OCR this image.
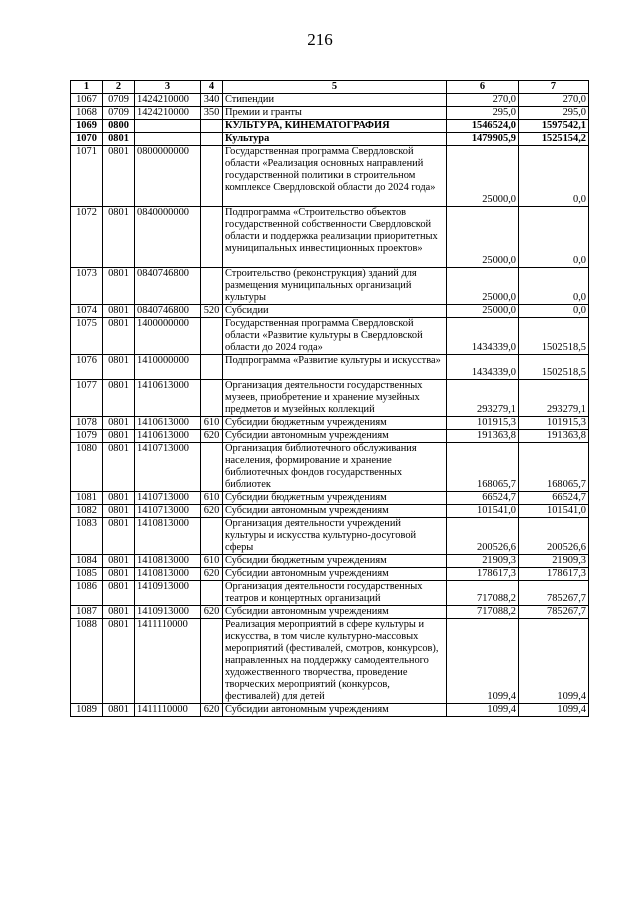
216
1	2	3	4	5	6	7
1067	0709	1424210000	340	Стипендии	270,0	270,0
1068	0709	1424210000	350	Премии и гранты	295,0	295,0
1069	0800			КУЛЬТУРА, КИНЕМАТОГРАФИЯ	1546524,0	1597542,1
1070	0801			Культура	1479905,9	1525154,2
1071	0801	0800000000		Государственная программа Свердловской области «Реализация основных направлений государственной политики в строительном комплексе Свердловской области до 2024 года»	25000,0	0,0
1072	0801	0840000000		Подпрограмма «Строительство объектов государственной собственности Свердловской области и поддержка реализации приоритетных муниципальных инвестиционных проектов»	25000,0	0,0
1073	0801	0840746800		Строительство (реконструкция) зданий для размещения муниципальных организаций культуры	25000,0	0,0
1074	0801	0840746800	520	Субсидии	25000,0	0,0
1075	0801	1400000000		Государственная программа Свердловской области «Развитие культуры в Свердловской области до 2024 года»	1434339,0	1502518,5
1076	0801	1410000000		Подпрограмма «Развитие культуры и искусства»	1434339,0	1502518,5
1077	0801	1410613000		Организация деятельности государственных музеев, приобретение и хранение музейных предметов и музейных коллекций	293279,1	293279,1
1078	0801	1410613000	610	Субсидии бюджетным учреждениям	101915,3	101915,3
1079	0801	1410613000	620	Субсидии автономным учреждениям	191363,8	191363,8
1080	0801	1410713000		Организация библиотечного обслуживания населения, формирование и хранение библиотечных фондов государственных библиотек	168065,7	168065,7
1081	0801	1410713000	610	Субсидии бюджетным учреждениям	66524,7	66524,7
1082	0801	1410713000	620	Субсидии автономным учреждениям	101541,0	101541,0
1083	0801	1410813000		Организация деятельности учреждений культуры и искусства культурно-досуговой сферы	200526,6	200526,6
1084	0801	1410813000	610	Субсидии бюджетным учреждениям	21909,3	21909,3
1085	0801	1410813000	620	Субсидии автономным учреждениям	178617,3	178617,3
1086	0801	1410913000		Организация деятельности государственных театров и концертных организаций	717088,2	785267,7
1087	0801	1410913000	620	Субсидии автономным учреждениям	717088,2	785267,7
1088	0801	1411110000		Реализация мероприятий в сфере культуры и искусства, в том числе культурно-массовых мероприятий (фестивалей, смотров, конкурсов), направленных на поддержку самодеятельного художественного творчества, проведение творческих мероприятий (конкурсов, фестивалей) для детей	1099,4	1099,4
1089	0801	1411110000	620	Субсидии автономным учреждениям	1099,4	1099,4
